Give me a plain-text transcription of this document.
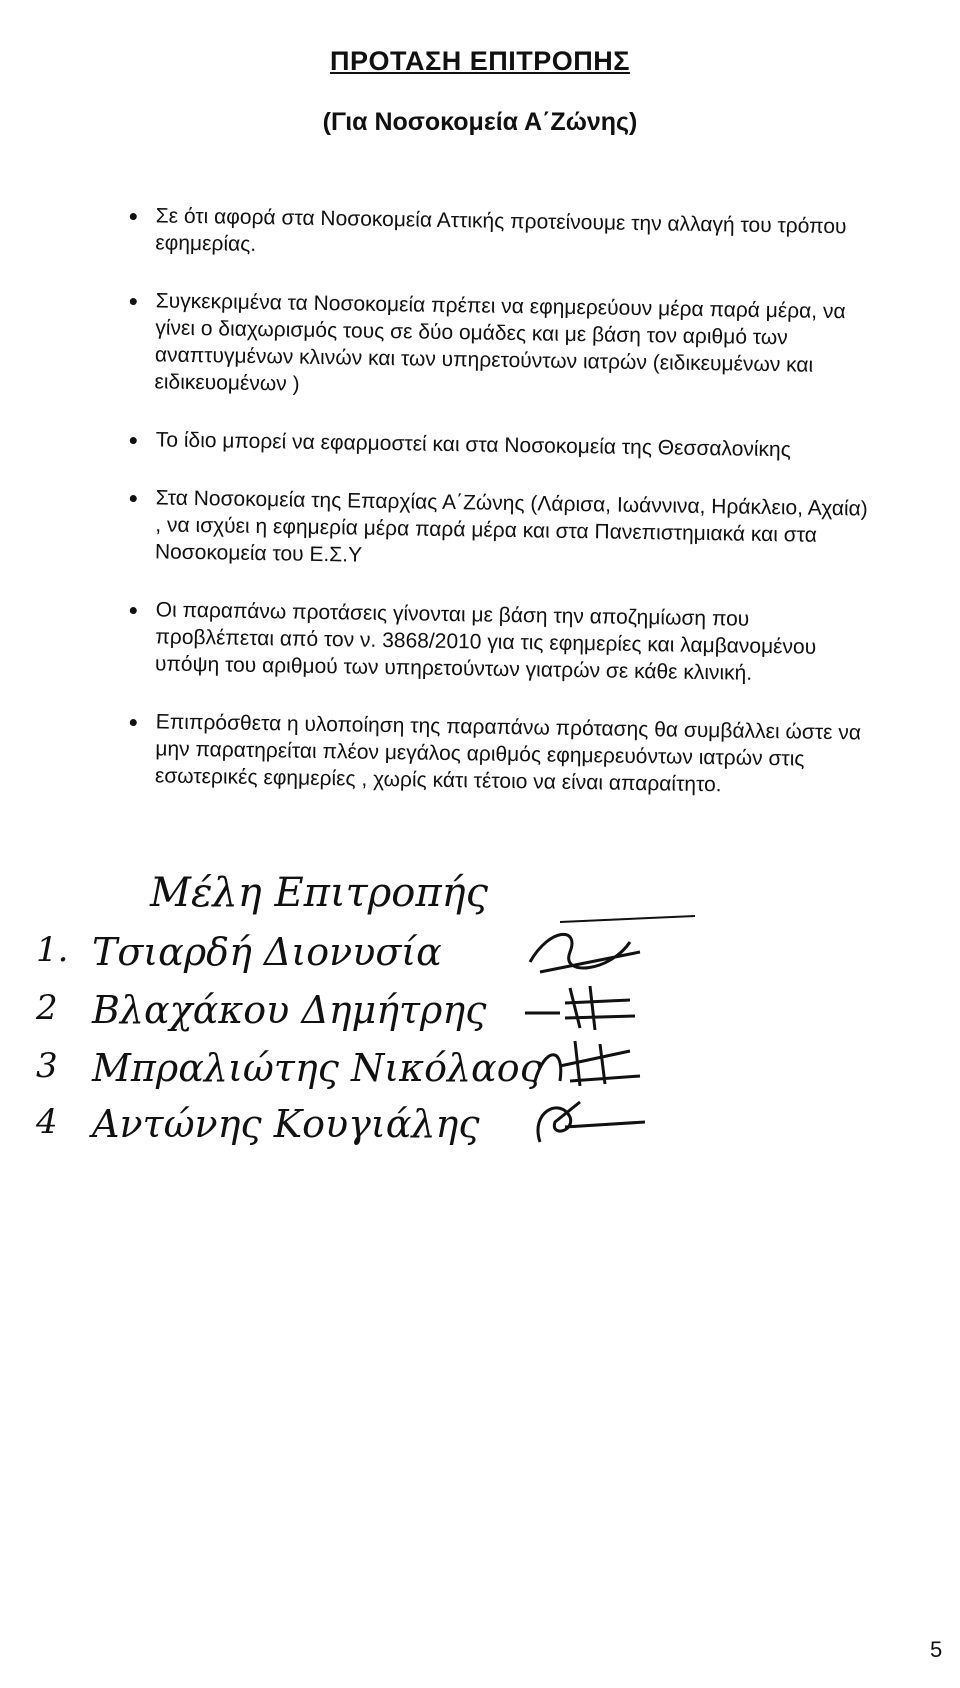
ΠΡΟΤΑΣΗ ΕΠΙΤΡΟΠΗΣ
(Για Νοσοκομεία Α΄Ζώνης)
Σε ότι αφορά στα Νοσοκομεία Αττικής προτείνουμε την αλλαγή του τρόπου εφημερίας.
Συγκεκριμένα τα Νοσοκομεία πρέπει να εφημερεύουν μέρα παρά μέρα, να γίνει ο διαχωρισμός τους σε δύο ομάδες και με βάση τον αριθμό των αναπτυγμένων κλινών και των υπηρετούντων ιατρών (ειδικευμένων και ειδικευομένων )
Το ίδιο μπορεί να εφαρμοστεί και στα Νοσοκομεία της Θεσσαλονίκης
Στα Νοσοκομεία της Επαρχίας Α΄Ζώνης (Λάρισα, Ιωάννινα, Ηράκλειο, Αχαία) , να ισχύει η εφημερία μέρα παρά μέρα και στα Πανεπιστημιακά και στα Νοσοκομεία του Ε.Σ.Υ
Οι παραπάνω προτάσεις γίνονται με βάση την αποζημίωση που προβλέπεται από τον ν. 3868/2010 για τις εφημερίες και λαμβανομένου υπόψη του αριθμού των υπηρετούντων γιατρών σε κάθε κλινική.
Επιπρόσθετα η υλοποίηση της παραπάνω πρότασης θα συμβάλλει ώστε να μην παρατηρείται πλέον μεγάλος αριθμός εφημερευόντων ιατρών στις εσωτερικές εφημερίες , χωρίς κάτι τέτοιο να είναι απαραίτητο.
Μέλη Επιτροπής
1. Τσιαρδή Διονυσία
2 Βλαχάκου Δημήτρης
3 Μπραλιώτης Νικόλαος
4 Αντώνης Κουγιάλης
5
